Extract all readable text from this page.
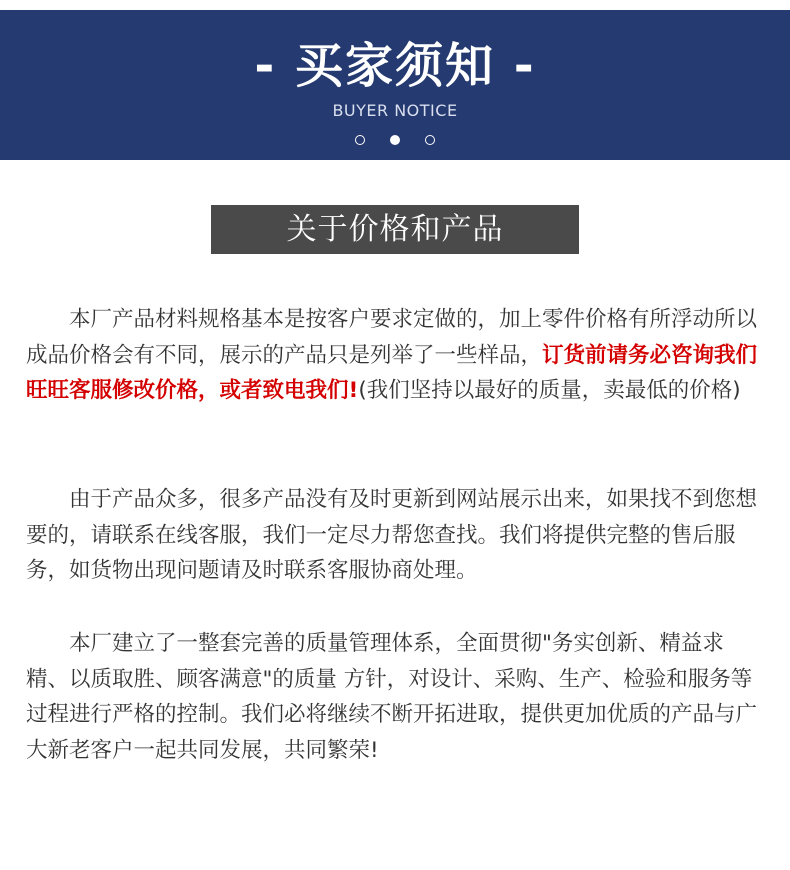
- 买家须知 -
BUYER NOTICE
关于价格和产品

本厂产品材料规格基本是按客户要求定做的，加上零件价格有所浮动所以成品价格会有不同，展示的产品只是列举了一些样品，订货前请务必咨询我们旺旺客服修改价格，或者致电我们!(我们坚持以最好的质量，卖最低的价格)

由于产品众多，很多产品没有及时更新到网站展示出来，如果找不到您想要的，请联系在线客服，我们一定尽力帮您查找。我们将提供完整的售后服务，如货物出现问题请及时联系客服协商处理。

本厂建立了一整套完善的质量管理体系，全面贯彻"务实创新、精益求精、以质取胜、顾客满意"的质量 方针，对设计、采购、生产、检验和服务等过程进行严格的控制。我们必将继续不断开拓进取，提供更加优质的产品与广大新老客户一起共同发展，共同繁荣!
